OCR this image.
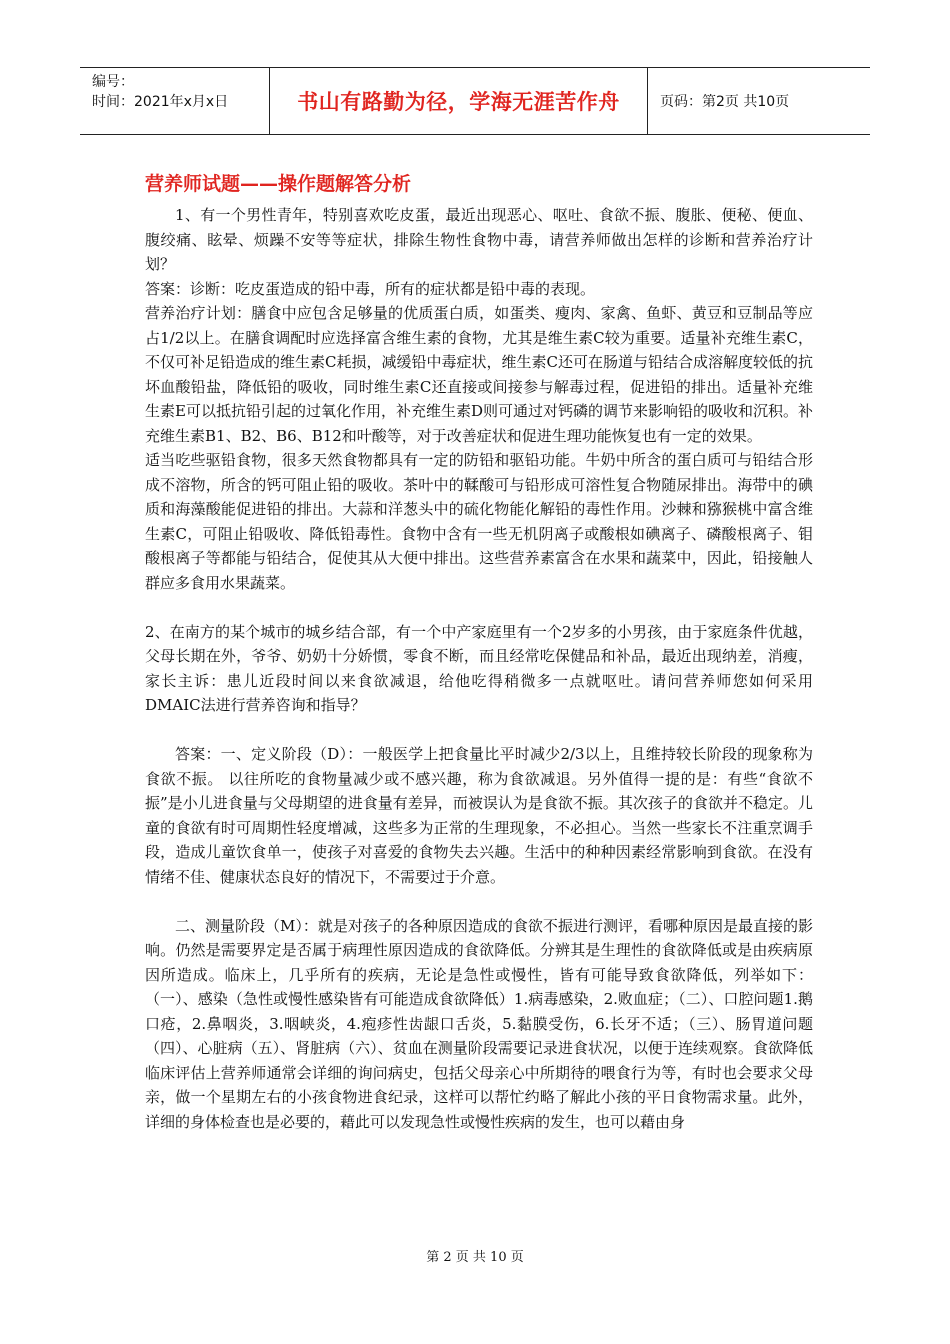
编号：
时间：2021年x月x日	书山有路勤为径，学海无涯苦作舟	页码：第2页 共10页
营养师试题——操作题解答分析

1、有一个男性青年，特别喜欢吃皮蛋，最近出现恶心、呕吐、食欲不振、腹胀、便秘、便血、腹绞痛、眩晕、烦躁不安等等症状，排除生物性食物中毒，请营养师做出怎样的诊断和营养治疗计划？

答案：诊断：吃皮蛋造成的铅中毒，所有的症状都是铅中毒的表现。

营养治疗计划：膳食中应包含足够量的优质蛋白质，如蛋类、瘦肉、家禽、鱼虾、黄豆和豆制品等应占1/2以上。在膳食调配时应选择富含维生素的食物，尤其是维生素C较为重要。适量补充维生素C，不仅可补足铅造成的维生素C耗损，减缓铅中毒症状，维生素C还可在肠道与铅结合成溶解度较低的抗坏血酸铅盐，降低铅的吸收，同时维生素C还直接或间接参与解毒过程，促进铅的排出。适量补充维生素E可以抵抗铅引起的过氧化作用，补充维生素D则可通过对钙磷的调节来影响铅的吸收和沉积。补充维生素B1、B2、B6、B12和叶酸等，对于改善症状和促进生理功能恢复也有一定的效果。

适当吃些驱铅食物，很多天然食物都具有一定的防铅和驱铅功能。牛奶中所含的蛋白质可与铅结合形成不溶物，所含的钙可阻止铅的吸收。茶叶中的鞣酸可与铅形成可溶性复合物随尿排出。海带中的碘质和海藻酸能促进铅的排出。大蒜和洋葱头中的硫化物能化解铅的毒性作用。沙棘和猕猴桃中富含维生素C，可阻止铅吸收、降低铅毒性。食物中含有一些无机阴离子或酸根如碘离子、磷酸根离子、钼酸根离子等都能与铅结合，促使其从大便中排出。这些营养素富含在水果和蔬菜中，因此，铅接触人群应多食用水果蔬菜。

2、在南方的某个城市的城乡结合部，有一个中产家庭里有一个2岁多的小男孩，由于家庭条件优越，父母长期在外，爷爷、奶奶十分娇惯，零食不断，而且经常吃保健品和补品，最近出现纳差，消瘦，家长主诉：患儿近段时间以来食欲减退，给他吃得稍微多一点就呕吐。请问营养师您如何采用DMAIC法进行营养咨询和指导？

答案：一、定义阶段（D）：一般医学上把食量比平时减少2/3以上，且维持较长阶段的现象称为食欲不振。 以往所吃的食物量减少或不感兴趣，称为食欲减退。另外值得一提的是：有些“食欲不振”是小儿进食量与父母期望的进食量有差异，而被误认为是食欲不振。其次孩子的食欲并不稳定。儿童的食欲有时可周期性轻度增减，这些多为正常的生理现象，不必担心。当然一些家长不注重烹调手段，造成儿童饮食单一，使孩子对喜爱的食物失去兴趣。生活中的种种因素经常影响到食欲。在没有情绪不佳、健康状态良好的情况下，不需要过于介意。

二、测量阶段（M）：就是对孩子的各种原因造成的食欲不振进行测评，看哪种原因是最直接的影响。仍然是需要界定是否属于病理性原因造成的食欲降低。分辨其是生理性的食欲降低或是由疾病原因所造成。临床上，几乎所有的疾病，无论是急性或慢性，皆有可能导致食欲降低，列举如下：（一）、感染（急性或慢性感染皆有可能造成食欲降低）1.病毒感染，2.败血症；（二）、口腔问题1.鹅口疮，2.鼻咽炎，3.咽峡炎，4.疱疹性齿龈口舌炎，5.黏膜受伤，6.长牙不适；（三）、肠胃道问题（四）、心脏病（五）、肾脏病（六）、贫血在测量阶段需要记录进食状况，以便于连续观察。食欲降低临床评估上营养师通常会详细的询问病史，包括父母亲心中所期待的喂食行为等，有时也会要求父母亲，做一个星期左右的小孩食物进食纪录，这样可以帮忙约略了解此小孩的平日食物需求量。此外，详细的身体检查也是必要的，藉此可以发现急性或慢性疾病的发生，也可以藉由身

第 2 页 共 10 页
